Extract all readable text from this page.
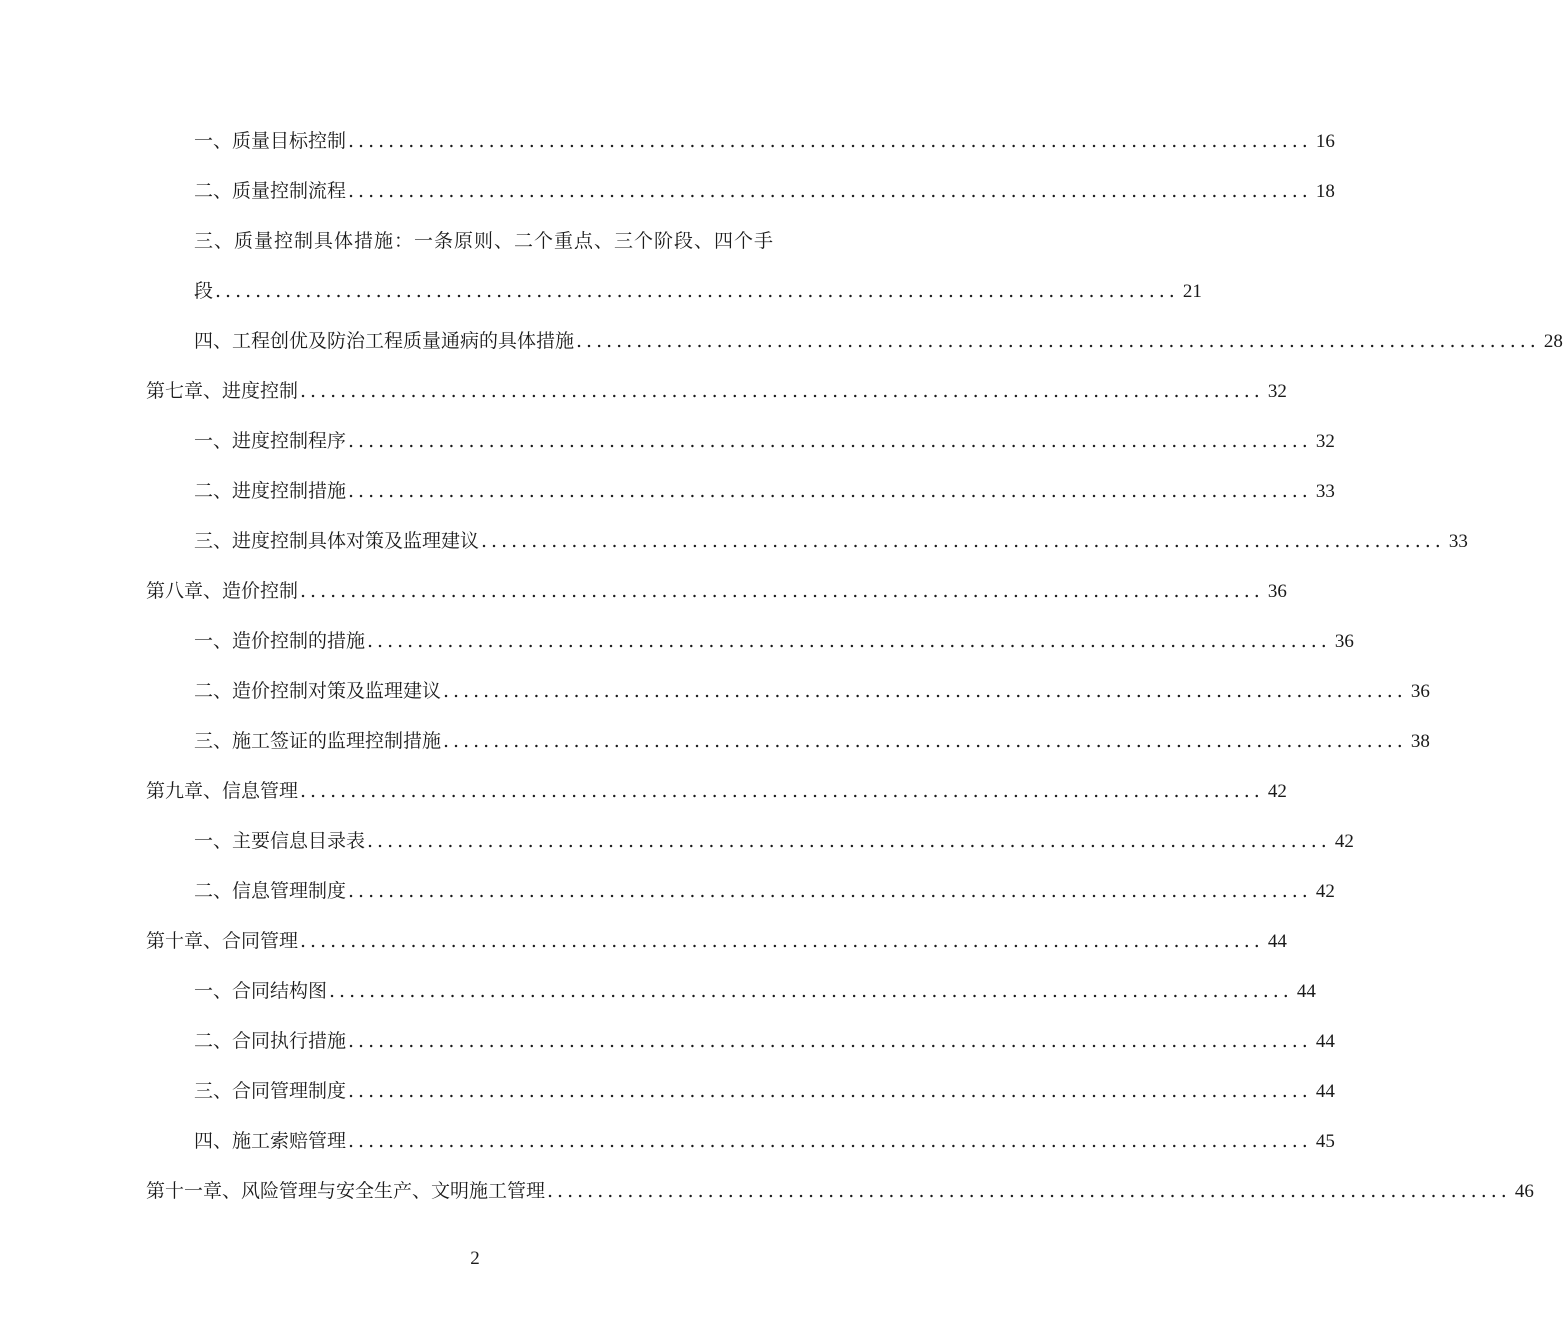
一、质量目标控制 ................................................................................................ 16
二、质量控制流程 ................................................................................................ 18
三、质量控制具体措施：一条原则、二个重点、三个阶段、四个手
段 ................................................................................................ 21
四、工程创优及防治工程质量通病的具体措施 ................................................................................................ 28
第七章、进度控制 ................................................................................................ 32
一、进度控制程序 ................................................................................................ 32
二、进度控制措施 ................................................................................................ 33
三、进度控制具体对策及监理建议 ................................................................................................ 33
第八章、造价控制 ................................................................................................ 36
一、造价控制的措施 ................................................................................................ 36
二、造价控制对策及监理建议 ................................................................................................ 36
三、施工签证的监理控制措施 ................................................................................................ 38
第九章、信息管理 ................................................................................................ 42
一、主要信息目录表 ................................................................................................ 42
二、信息管理制度 ................................................................................................ 42
第十章、合同管理 ................................................................................................ 44
一、合同结构图 ................................................................................................ 44
二、合同执行措施 ................................................................................................ 44
三、合同管理制度 ................................................................................................ 44
四、施工索赔管理 ................................................................................................ 45
第十一章、风险管理与安全生产、文明施工管理 ................................................................................................ 46
2
